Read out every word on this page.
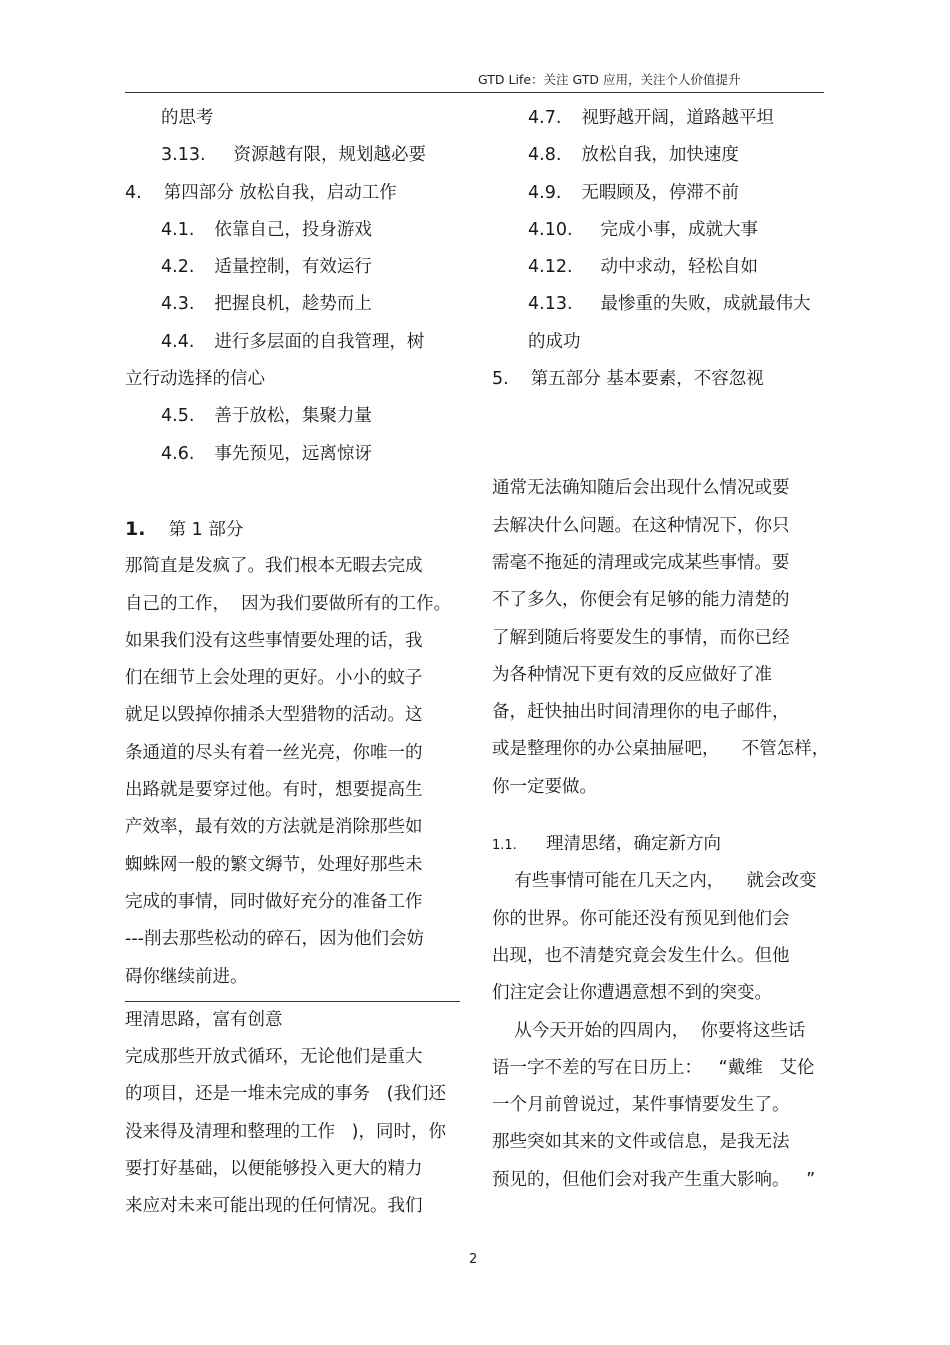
GTD Life：关注 GTD 应用，关注个人价值提升
的思考
3.13. 资源越有限，规划越必要
4. 第四部分 放松自我，启动工作
4.1. 依靠自己，投身游戏
4.2. 适量控制，有效运行
4.3. 把握良机，趁势而上
4.4. 进行多层面的自我管理，树
立行动选择的信心
4.5. 善于放松，集聚力量
4.6. 事先预见，远离惊讶
1. 第 1 部分
那简直是发疯了。我们根本无暇去完成
自己的工作，  因为我们要做所有的工作。
如果我们没有这些事情要处理的话，我
们在细节上会处理的更好。小小的蚊子
就足以毁掉你捕杀大型猎物的活动。这
条通道的尽头有着一丝光亮，你唯一的
出路就是要穿过他。有时，想要提高生
产效率，最有效的方法就是消除那些如
蜘蛛网一般的繁文缛节，处理好那些未
完成的事情，同时做好充分的准备工作
---削去那些松动的碎石，因为他们会妨
碍你继续前进。
理清思路，富有创意
完成那些开放式循环，无论他们是重大
的项目，还是一堆未完成的事务   (我们还
没来得及清理和整理的工作   )，同时，你
要打好基础，以便能够投入更大的精力
来应对未来可能出现的任何情况。我们
4.7. 视野越开阔，道路越平坦
4.8. 放松自我，加快速度
4.9. 无暇顾及，停滞不前
4.10. 完成小事，成就大事
4.12. 动中求动，轻松自如
4.13. 最惨重的失败，成就最伟大
的成功
5. 第五部分 基本要素，不容忽视
通常无法确知随后会出现什么情况或要
去解决什么问题。在这种情况下，你只
需毫不拖延的清理或完成某些事情。要
不了多久，你便会有足够的能力清楚的
了解到随后将要发生的事情，而你已经
为各种情况下更有效的反应做好了准
备，赶快抽出时间清理你的电子邮件，
或是整理你的办公桌抽屉吧，    不管怎样，
你一定要做。
1.1. 理清思绪，确定新方向
有些事情可能在几天之内，    就会改变
你的世界。你可能还没有预见到他们会
出现，也不清楚究竟会发生什么。但他
们注定会让你遭遇意想不到的突变。
从今天开始的四周内，  你要将这些话
语一字不差的写在日历上：   “戴维   艾伦
一个月前曾说过，某件事情要发生了。
那些突如其来的文件或信息，是我无法
预见的，但他们会对我产生重大影响。   ”
2
